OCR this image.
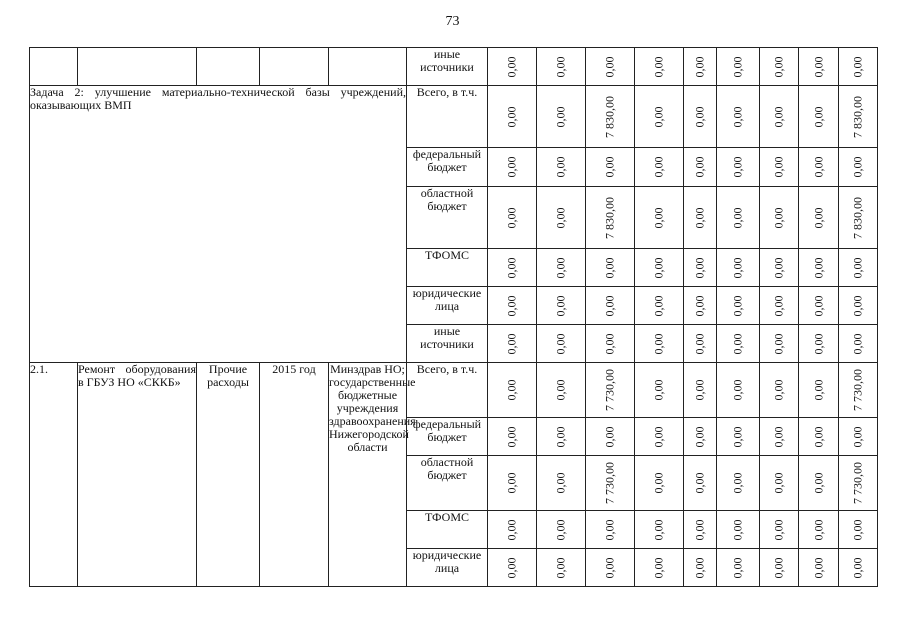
73
					иные источники	0,00	0,00	0,00	0,00	0,00	0,00	0,00	0,00	0,00

Задача 2: улучшение материально-технической базы учреждений, оказывающих ВМП					Всего, в т.ч.	0,00	0,00	7 830,00	0,00	0,00	0,00	0,00	0,00	7 830,00

					федеральный бюджет	0,00	0,00	0,00	0,00	0,00	0,00	0,00	0,00	0,00

					областной бюджет	0,00	0,00	7 830,00	0,00	0,00	0,00	0,00	0,00	7 830,00

					ТФОМС	0,00	0,00	0,00	0,00	0,00	0,00	0,00	0,00	0,00

					юридические лица	0,00	0,00	0,00	0,00	0,00	0,00	0,00	0,00	0,00

					иные источники	0,00	0,00	0,00	0,00	0,00	0,00	0,00	0,00	0,00

2.1.	Ремонт оборудования в ГБУЗ НО «СККБ»	Прочие расходы	2015 год	Минздрав НО; государственные бюджетные учреждения здравоохранения Нижегородской области	Всего, в т.ч.	0,00	0,00	7 730,00	0,00	0,00	0,00	0,00	0,00	7 730,00

					федеральный бюджет	0,00	0,00	0,00	0,00	0,00	0,00	0,00	0,00	0,00

					областной бюджет	0,00	0,00	7 730,00	0,00	0,00	0,00	0,00	0,00	7 730,00

					ТФОМС	0,00	0,00	0,00	0,00	0,00	0,00	0,00	0,00	0,00

					юридические лица	0,00	0,00	0,00	0,00	0,00	0,00	0,00	0,00	0,00
